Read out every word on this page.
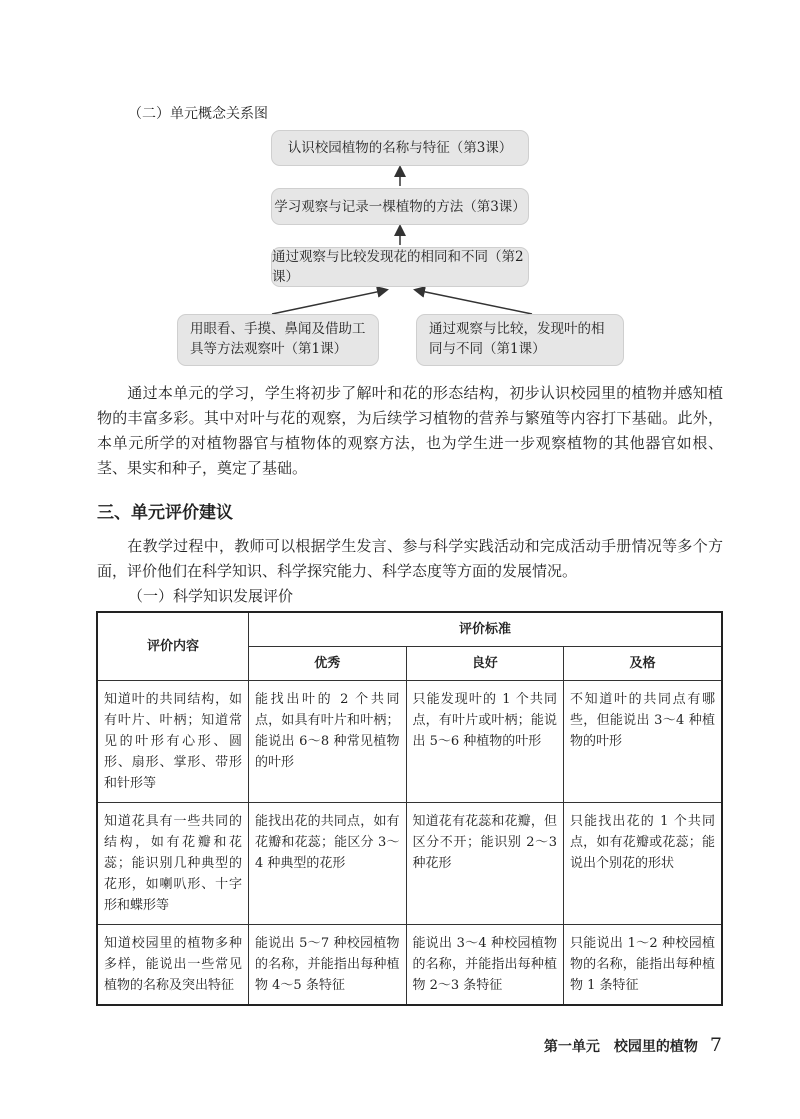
（二）单元概念关系图
认识校园植物的名称与特征（第3课）
学习观察与记录一棵植物的方法（第3课）
通过观察与比较发现花的相同和不同（第2课）
用眼看、手摸、鼻闻及借助工具等方法观察叶（第1课）
通过观察与比较，发现叶的相同与不同（第1课）
通过本单元的学习，学生将初步了解叶和花的形态结构，初步认识校园里的植物并感知植物的丰富多彩。其中对叶与花的观察，为后续学习植物的营养与繁殖等内容打下基础。此外，本单元所学的对植物器官与植物体的观察方法，也为学生进一步观察植物的其他器官如根、茎、果实和种子，奠定了基础。
三、单元评价建议
在教学过程中，教师可以根据学生发言、参与科学实践活动和完成活动手册情况等多个方面，评价他们在科学知识、科学探究能力、科学态度等方面的发展情况。
（一）科学知识发展评价
评价内容	评价标准		
	优秀	良好	及格
知道叶的共同结构，如有叶片、叶柄；知道常见的叶形有心形、圆形、扇形、掌形、带形和针形等	能找出叶的 2 个共同点，如具有叶片和叶柄；能说出 6～8 种常见植物的叶形	只能发现叶的 1 个共同点，有叶片或叶柄；能说出 5～6 种植物的叶形	不知道叶的共同点有哪些，但能说出 3～4 种植物的叶形
知道花具有一些共同的结构，如有花瓣和花蕊；能识别几种典型的花形，如喇叭形、十字形和蝶形等	能找出花的共同点，如有花瓣和花蕊；能区分 3～4 种典型的花形	知道花有花蕊和花瓣，但区分不开；能识别 2～3 种花形	只能找出花的 1 个共同点，如有花瓣或花蕊；能说出个别花的形状
知道校园里的植物多种多样，能说出一些常见植物的名称及突出特征	能说出 5～7 种校园植物的名称，并能指出每种植物 4～5 条特征	能说出 3～4 种校园植物的名称，并能指出每种植物 2～3 条特征	只能说出 1～2 种校园植物的名称，能指出每种植物 1 条特征
第一单元　校园里的植物 7
